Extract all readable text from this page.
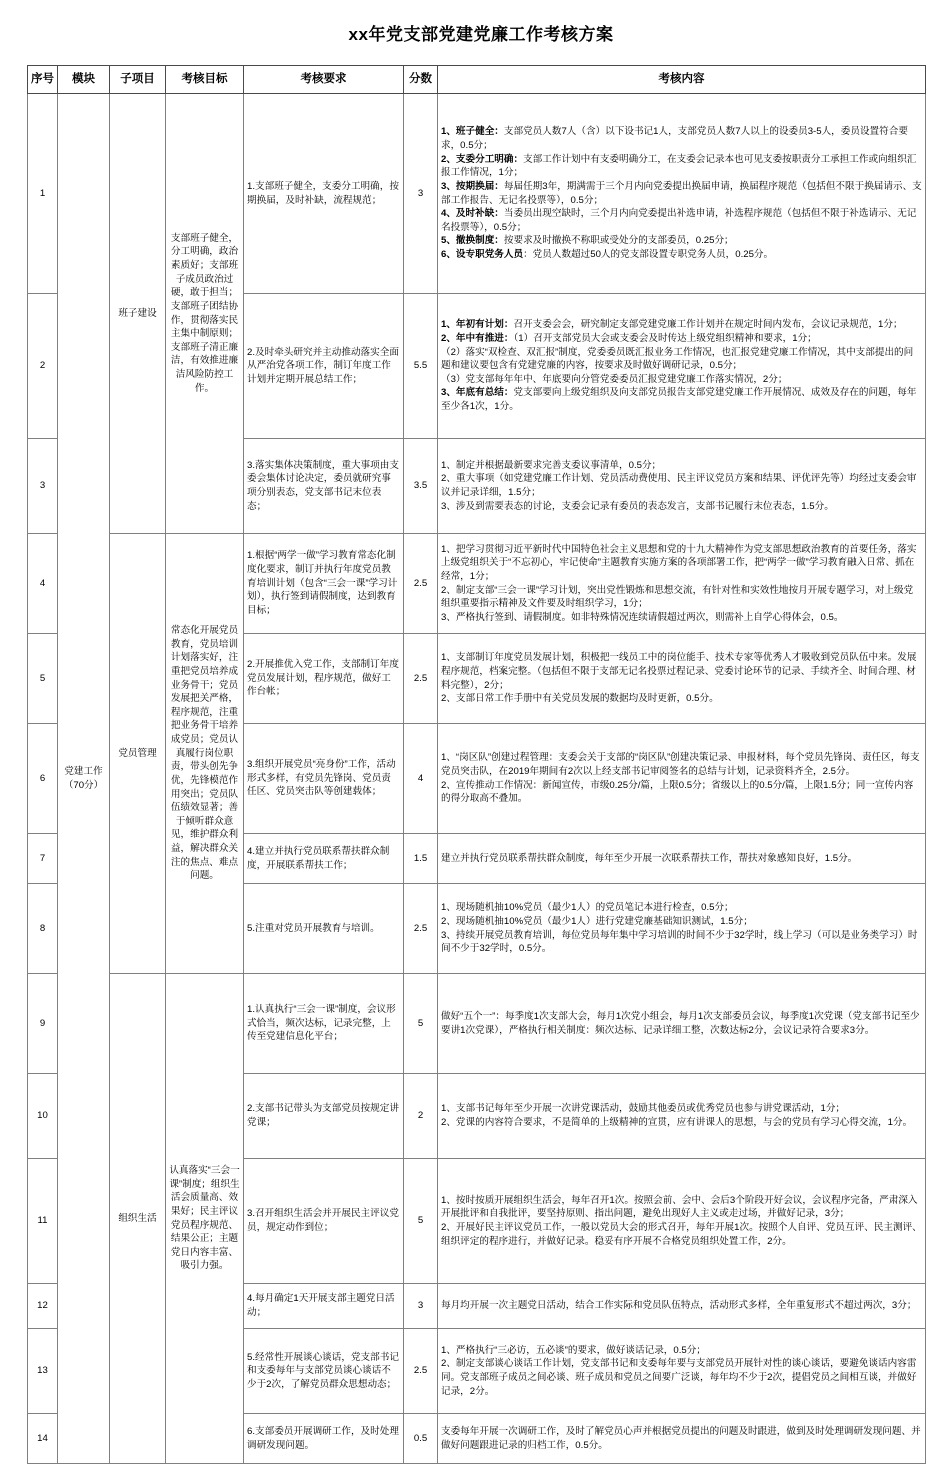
xx年党支部党建党廉工作考核方案
序号	模块	子项目	考核目标	考核要求	分数	考核内容
1	党建工作（70分）	班子建设	支部班子健全，分工明确，政治素质好；支部班子成员政治过硬，敢于担当；支部班子团结协作，贯彻落实民主集中制原则；支部班子清正廉洁，有效推进廉洁风险防控工作。	1.支部班子健全，支委分工明确，按期换届，及时补缺，流程规范；	3	
1、班子健全：支部党员人数7人（含）以下设书记1人，支部党员人数7人以上的设委员3-5人，委员设置符合要求，0.5分；
2、支委分工明确：支部工作计划中有支委明确分工，在支委会记录本也可见支委按职责分工承担工作或向组织汇报工作情况，1分；
3、按期换届：每届任期3年，期满需于三个月内向党委提出换届申请，换届程序规范（包括但不限于换届请示、支部工作报告、无记名投票等），0.5分；
4、及时补缺：当委员出现空缺时，三个月内向党委提出补选申请，补选程序规范（包括但不限于补选请示、无记名投票等），0.5分；
5、撤换制度：按要求及时撤换不称职或受处分的支部委员，0.25分；
6、设专职党务人员：党员人数超过50人的党支部设置专职党务人员，0.25分。

2				2.及时牵头研究并主动推动落实全面从严治党各项工作，制订年度工作计划并定期开展总结工作；	5.5	1、年初有计划：召开支委会会，研究制定支部党建党廉工作计划并在规定时间内发布，会议记录规范，1分；
2、年中有推进：（1）召开支部党员大会或支委会及时传达上级党组织精神和要求，1分；
（2）落实“双检查、双汇报”制度，党委委员既汇报业务工作情况，也汇报党建党廉工作情况，其中支部提出的问题和建议要包含有党建党廉的内容，按要求及时做好调研记录，0.5分；
（3）党支部每年年中、年底要向分管党委委员汇报党建党廉工作落实情况，2分；
3、年底有总结：党支部要向上级党组织及向支部党员报告支部党建党廉工作开展情况、成效及存在的问题，每年至少各1次，1分。

3				3.落实集体决策制度，重大事项由支委会集体讨论决定，委员就研究事项分别表态，党支部书记末位表态；	3.5	1、制定并根据最新要求完善支委议事清单，0.5分；
2、重大事项（如党建党廉工作计划、党员活动费使用、民主评议党员方案和结果、评优评先等）均经过支委会审议并记录详细，1.5分；
3、涉及到需要表态的讨论，支委会记录有委员的表态发言，支部书记履行末位表态，1.5分。

4		党员管理	常态化开展党员教育，党员培训计划落实好，注重把党员培养成业务骨干；党员发展把关严格，程序规范，注重把业务骨干培养成党员；党员认真履行岗位职责，带头创先争优，先锋模范作用突出；党员队伍绩效显著；善于倾听群众意见，维护群众利益，解决群众关注的焦点、难点问题。	1.根据“两学一做”学习教育常态化制度化要求，制订并执行年度党员教育培训计划（包含“三会一课”学习计划），执行签到请假制度，达到教育目标；	2.5	1、把学习贯彻习近平新时代中国特色社会主义思想和党的十九大精神作为党支部思想政治教育的首要任务，落实上级党组织关于“不忘初心，牢记使命”主题教育实施方案的各项部署工作，把“两学一做”学习教育融入日常、抓在经常，1分；
2、制定支部“三会一课”学习计划，突出党性锻炼和思想交流，有针对性和实效性地按月开展专题学习，对上级党组织重要指示精神及文件要及时组织学习，1分；
3、严格执行签到、请假制度。如非特殊情况连续请假超过两次，则需补上自学心得体会，0.5。

5				2.开展推优入党工作，支部制订年度党员发展计划，程序规范，做好工作台帐；	2.5	1、支部制订年度党员发展计划，积极把一线员工中的岗位能手、技术专家等优秀人才吸收到党员队伍中来。发展程序规范，档案完整。（包括但不限于支部无记名投票过程记录、党委讨论环节的记录、手续齐全、时间合理、材料完整），2分；
2、支部日常工作手册中有关党员发展的数据均及时更新，0.5分。

6				3.组织开展党员“亮身份”工作，活动形式多样，有党员先锋岗、党员责任区、党员突击队等创建载体；	4	1、“岗区队”创建过程管理：支委会关于支部的“岗区队”创建决策记录、申报材料，每个党员先锋岗、责任区，每支党员突击队，在2019年期间有2次以上经支部书记审阅签名的总结与计划，记录资料齐全，2.5分。
2、宣传推动工作情况：新闻宣传，市级0.25分/篇，上限0.5分；省级以上的0.5分/篇，上限1.5分；同一宣传内容的得分取高不叠加。

7				4.建立并执行党员联系帮扶群众制度，开展联系帮扶工作；	1.5	建立并执行党员联系帮扶群众制度，每年至少开展一次联系帮扶工作，帮扶对象感知良好，1.5分。

8				5.注重对党员开展教育与培训。	2.5	1、现场随机抽10%党员（最少1人）的党员笔记本进行检查，0.5分；
2、现场随机抽10%党员（最少1人）进行党建党廉基础知识测试，1.5分；
3、持续开展党员教育培训，每位党员每年集中学习培训的时间不少于32学时，线上学习（可以是业务类学习）时间不少于32学时，0.5分。

9		组织生活	认真落实“三会一课”制度；组织生活会质量高、效果好；民主评议党员程序规范、结果公正；主题党日内容丰富、吸引力强。	1.认真执行“三会一课”制度，会议形式恰当，频次达标，记录完整，上传至党建信息化平台；	5	做好“五个一”：每季度1次支部大会，每月1次党小组会，每月1次支部委员会议，每季度1次党课（党支部书记至少要讲1次党课），严格执行相关制度：频次达标、记录详细工整，次数达标2分，会议记录符合要求3分。

10				2.支部书记带头为支部党员按规定讲党课；	2	1、支部书记每年至少开展一次讲党课活动，鼓励其他委员或优秀党员也参与讲党课活动，1分；
2、党课的内容符合要求，不是简单的上级精神的宣贯，应有讲课人的思想，与会的党员有学习心得交流，1分。

11				3.召开组织生活会并开展民主评议党员，规定动作到位；	5	1、按时按质开展组织生活会，每年召开1次。按照会前、会中、会后3个阶段开好会议，会议程序完备，严肃深入开展批评和自我批评，要坚持原则、指出问题，避免出现好人主义或走过场，并做好记录，3分；
2、开展好民主评议党员工作，一般以党员大会的形式召开，每年开展1次。按照个人自评、党员互评、民主测评、组织评定的程序进行，并做好记录。稳妥有序开展不合格党员组织处置工作，2分。

12				4.每月确定1天开展支部主题党日活动；	3	每月均开展一次主题党日活动，结合工作实际和党员队伍特点，活动形式多样，全年重复形式不超过两次，3分；

13				5.经常性开展谈心谈话，党支部书记和支委每年与支部党员谈心谈话不少于2次，了解党员群众思想动态；	2.5	1、严格执行“三必访，五必谈”的要求，做好谈话记录，0.5分；
2、制定支部谈心谈话工作计划，党支部书记和支委每年要与支部党员开展针对性的谈心谈话，要避免谈话内容雷同。党支部班子成员之间必谈、班子成员和党员之间要广泛谈，每年均不少于2次，提倡党员之间相互谈，并做好记录，2分。

14				6.支部委员开展调研工作，及时处理调研发现问题。	0.5	支委每年开展一次调研工作，及时了解党员心声并根据党员提出的问题及时跟进，做到及时处理调研发现问题、并做好问题跟进记录的归档工作，0.5分。
